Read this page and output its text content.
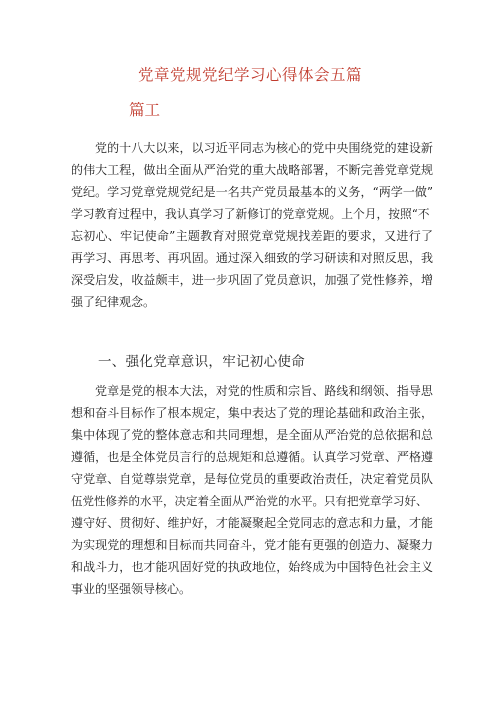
党章党规党纪学习心得体会五篇
篇工
党的十八大以来，以习近平同志为核心的党中央围绕党的建设新
的伟大工程，做出全面从严治党的重大战略部署，不断完善党章党规
党纪。学习党章党规党纪是一名共产党员最基本的义务，“两学一做”
学习教育过程中，我认真学习了新修订的党章党规。上个月，按照“不
忘初心、牢记使命”主题教育对照党章党规找差距的要求，又进行了
再学习、再思考、再巩固。通过深入细致的学习研读和对照反思，我
深受启发，收益颇丰，进一步巩固了党员意识，加强了党性修养，增
强了纪律观念。
一、强化党章意识，牢记初心使命
党章是党的根本大法，对党的性质和宗旨、路线和纲领、指导思
想和奋斗目标作了根本规定，集中表达了党的理论基础和政治主张，
集中体现了党的整体意志和共同理想，是全面从严治党的总依据和总
遵循，也是全体党员言行的总规矩和总遵循。认真学习党章、严格遵
守党章、自觉尊崇党章，是每位党员的重要政治责任，决定着党员队
伍党性修养的水平，决定着全面从严治党的水平。只有把党章学习好、
遵守好、贯彻好、维护好，才能凝聚起全党同志的意志和力量，才能
为实现党的理想和目标而共同奋斗，党才能有更强的创造力、凝聚力
和战斗力，也才能巩固好党的执政地位，始终成为中国特色社会主义
事业的坚强领导核心。
